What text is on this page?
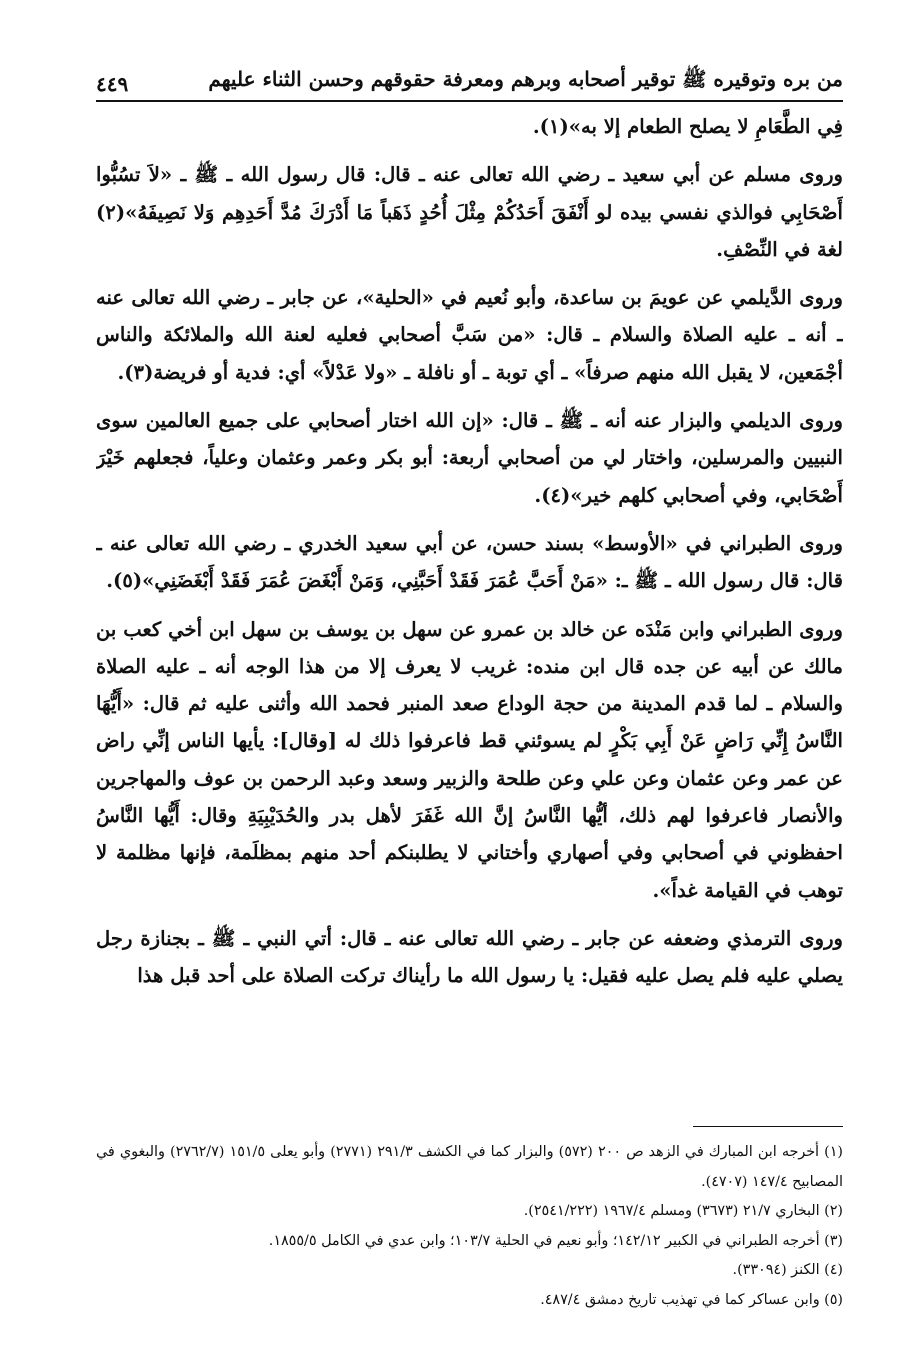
من بره وتوقيره ﷺ توقير أصحابه وبرهم ومعرفة حقوقهم وحسن الثناء عليهم
٤٤٩

فِي الطَّعَامِ لا يصلح الطعام إلا به»(١).

وروى مسلم عن أبي سعيد ـ رضي الله تعالى عنه ـ قال: قال رسول الله ـ ﷺ ـ «لاَ تسُبُّوا أَصْحَابِي فوالذي نفسي بيده لو أَنْفَقَ أَحَدُكُمْ مِثْلَ أُحُدٍ ذَهَباً مَا أَدْرَكَ مُدَّ أَحَدِهِم وَلا نَصِيفَهُ»(٢) لغة في النِّصْفِ.

وروى الدَّيلمي عن عويمَ بن ساعدة، وأبو نُعيم في «الحلية»، عن جابر ـ رضي الله تعالى عنه ـ أنه ـ عليه الصلاة والسلام ـ قال: «من سَبَّ أصحابي فعليه لعنة الله والملائكة والناس أجْمَعين، لا يقبل الله منهم صرفاً» ـ أي توبة ـ أو نافلة ـ «ولا عَدْلاً» أي: فدية أو فريضة(٣).

وروى الديلمي والبزار عنه أنه ـ ﷺ ـ قال: «إن الله اختار أصحابي على جميع العالمين سوى النبيين والمرسلين، واختار لي من أصحابي أربعة: أبو بكر وعمر وعثمان وعلياً، فجعلهم خَيْرَ أَصْحَابي، وفي أصحابي كلهم خير»(٤).

وروى الطبراني في «الأوسط» بسند حسن، عن أبي سعيد الخدري ـ رضي الله تعالى عنه ـ قال: قال رسول الله ـ ﷺ ـ: «مَنْ أَحَبَّ عُمَرَ فَقَدْ أَحَبَّنِي، وَمَنْ أَبْغَضَ عُمَرَ فَقَدْ أَبْغَضَنِي»(٥).

وروى الطبراني وابن مَنْدَه عن خالد بن عمرو عن سهل بن يوسف بن سهل ابن أخي كعب بن مالك عن أبيه عن جده قال ابن منده: غريب لا يعرف إلا من هذا الوجه أنه ـ عليه الصلاة والسلام ـ لما قدم المدينة من حجة الوداع صعد المنبر فحمد الله وأثنى عليه ثم قال: «أَيُّهَا النَّاسُ إِنِّي رَاضٍ عَنْ أَبِي بَكْرٍ لم يسوئني قط فاعرفوا ذلك له [وقال]: يأيها الناس إنِّي راض عن عمر وعن عثمان وعن علي وعن طلحة والزبير وسعد وعبد الرحمن بن عوف والمهاجرين والأنصار فاعرفوا لهم ذلك، أيُّها النَّاسُ إنَّ الله غَفَرَ لأهل بدر والحُدَيْبِيَةِ وقال: أَيُّها النَّاسُ احفظوني في أصحابي وفي أصهاري وأختاني لا يطلبنكم أحد منهم بمظلَمة، فإنها مظلمة لا توهب في القيامة غداً».

وروى الترمذي وضعفه عن جابر ـ رضي الله تعالى عنه ـ قال: أتي النبي ـ ﷺ ـ بجنازة رجل يصلي عليه فلم يصل عليه فقيل: يا رسول الله ما رأيناك تركت الصلاة على أحد قبل هذا

(١) أخرجه ابن المبارك في الزهد ص ٢٠٠ (٥٧٢) والبزار كما في الكشف ٢٩١/٣ (٢٧٧١) وأبو يعلى ١٥١/٥ (٢٧٦٢/٧) والبغوي في المصابيح ١٤٧/٤ (٤٧٠٧).

(٢) البخاري ٢١/٧ (٣٦٧٣) ومسلم ١٩٦٧/٤ (٢٥٤١/٢٢٢).

(٣) أخرجه الطبراني في الكبير ١٤٢/١٢؛ وأبو نعيم في الحلية ١٠٣/٧؛ وابن عدي في الكامل ١٨٥٥/٥.

(٤) الكنز (٣٣٠٩٤).

(٥) وابن عساكر كما في تهذيب تاريخ دمشق ٤٨٧/٤.
